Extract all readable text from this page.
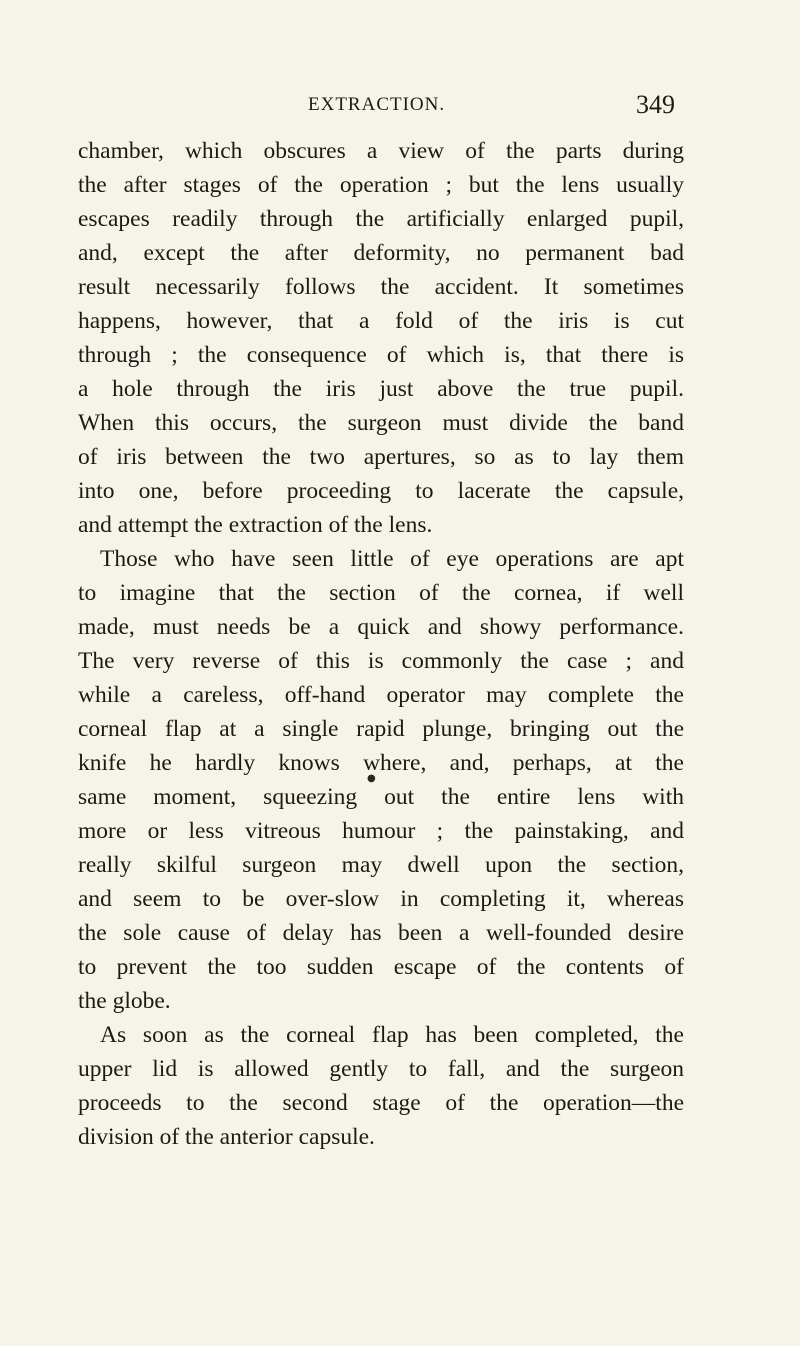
EXTRACTION.	349
chamber, which obscures a view of the parts during
the after stages of the operation ; but the lens usually
escapes readily through the artificially enlarged pupil,
and, except the after deformity, no permanent bad
result necessarily follows the accident. It sometimes
happens, however, that a fold of the iris is cut
through ; the consequence of which is, that there is
a hole through the iris just above the true pupil.
When this occurs, the surgeon must divide the band
of iris between the two apertures, so as to lay them
into one, before proceeding to lacerate the capsule,
and attempt the extraction of the lens.
Those who have seen little of eye operations are apt
to imagine that the section of the cornea, if well
made, must needs be a quick and showy performance.
The very reverse of this is commonly the case ; and
while a careless, off-hand operator may complete the
corneal flap at a single rapid plunge, bringing out the
knife he hardly knows where, and, perhaps, at the
same moment, squeezing out the entire lens with
more or less vitreous humour ; the painstaking, and
really skilful surgeon may dwell upon the section,
and seem to be over-slow in completing it, whereas
the sole cause of delay has been a well-founded desire
to prevent the too sudden escape of the contents of
the globe.
As soon as the corneal flap has been completed, the
upper lid is allowed gently to fall, and the surgeon
proceeds to the second stage of the operation—the
division of the anterior capsule.
●
